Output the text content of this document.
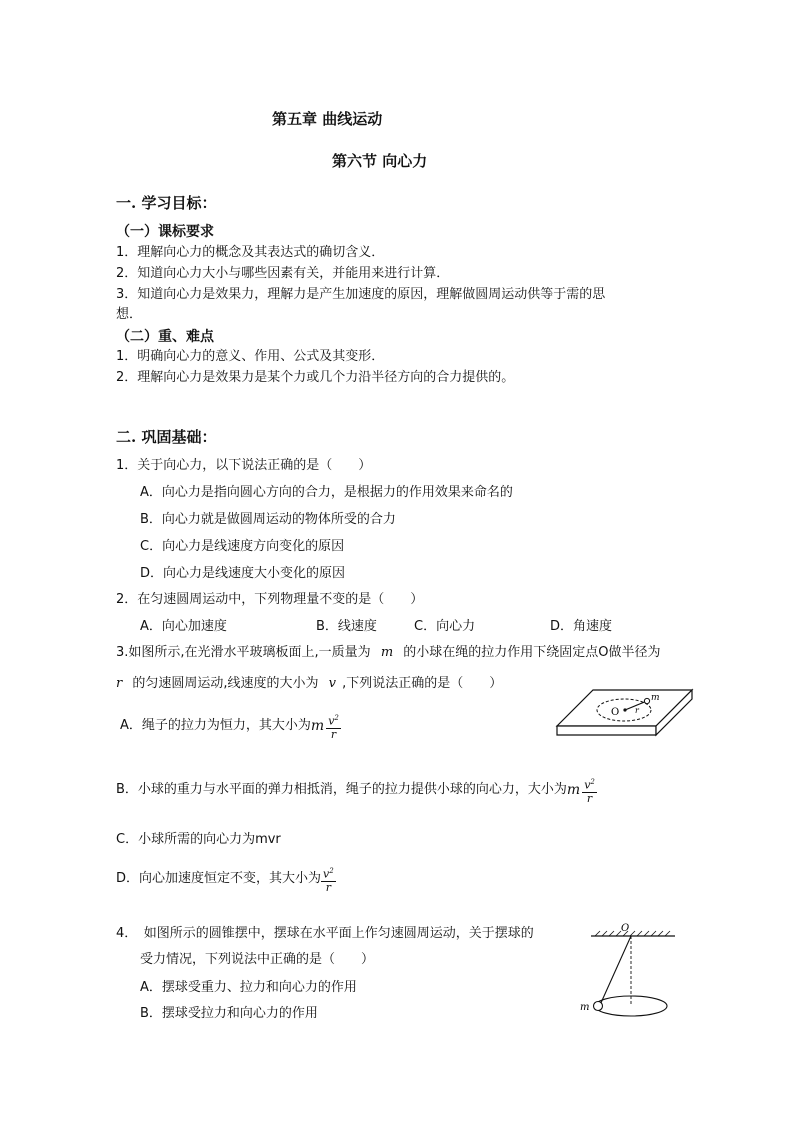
第五章 曲线运动
第六节 向心力
一. 学习目标：
（一）课标要求
1．理解向心力的概念及其表达式的确切含义．
2．知道向心力大小与哪些因素有关，并能用来进行计算．
3．知道向心力是效果力，理解力是产生加速度的原因，理解做圆周运动供等于需的思
想．
（二）重、难点
1．明确向心力的意义、作用、公式及其变形．
2．理解向心力是效果力是某个力或几个力沿半径方向的合力提供的。
二. 巩固基础：
1．关于向心力，以下说法正确的是（　　）
A．向心力是指向圆心方向的合力，是根据力的作用效果来命名的
B．向心力就是做圆周运动的物体所受的合力
C．向心力是线速度方向变化的原因
D．向心力是线速度大小变化的原因
2．在匀速圆周运动中，下列物理量不变的是（　　）
A．向心加速度	B．线速度	C．向心力	D．角速度
3.如图所示,在光滑水平玻璃板面上,一质量为 m 的小球在绳的拉力作用下绕固定点O做半径为
r 的匀速圆周运动,线速度的大小为 v ,下列说法正确的是（　　）
O r
m
A．绳子的拉力为恒力，其大小为 m $v^2$
r
B．小球的重力与水平面的弹力相抵消，绳子的拉力提供小球的向心力，大小为 m $v^2$
r
C．小球所需的向心力为mvr
D．向心加速度恒定不变，其大小为 $v^2$
r
4．　如图所示的圆锥摆中，摆球在水平面上作匀速圆周运动，关于摆球的
受力情况，下列说法中正确的是（　　）
A．摆球受重力、拉力和向心力的作用
B．摆球受拉力和向心力的作用
O
m
